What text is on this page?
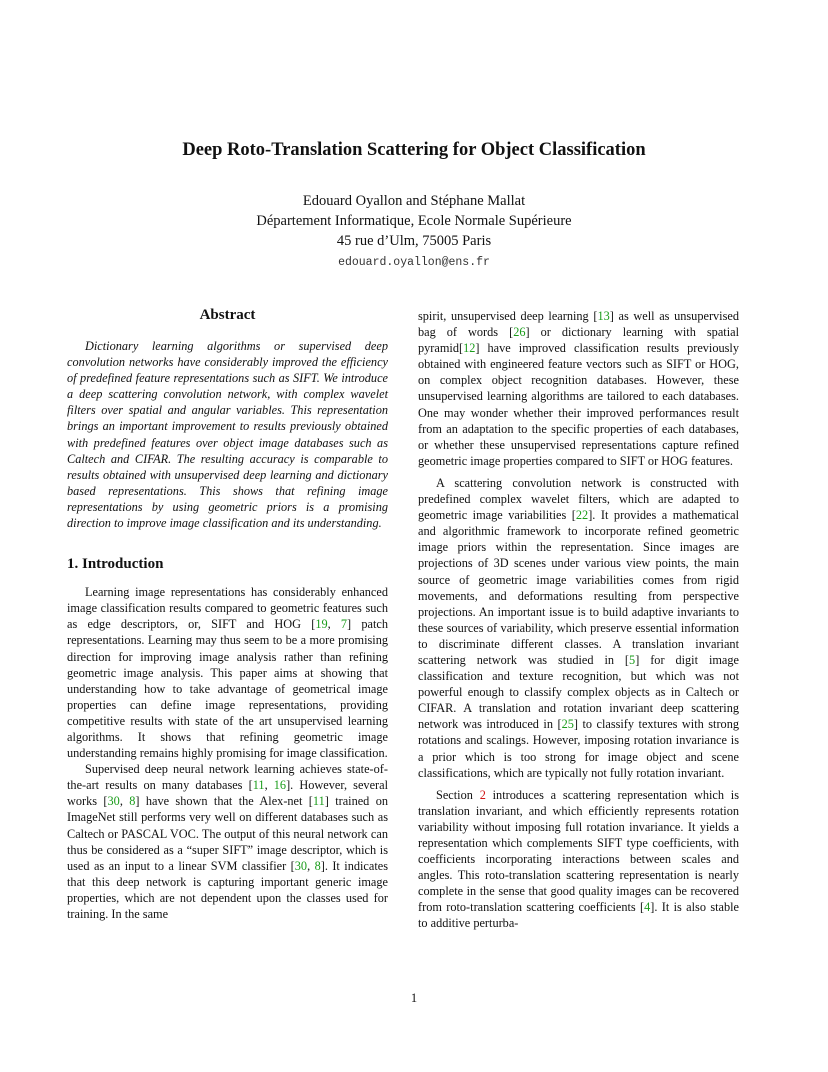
Deep Roto-Translation Scattering for Object Classification
Edouard Oyallon and Stéphane Mallat
Département Informatique, Ecole Normale Supérieure
45 rue d’Ulm, 75005 Paris
edouard.oyallon@ens.fr
Abstract

Dictionary learning algorithms or supervised deep convolution networks have considerably improved the efficiency of predefined feature representations such as SIFT. We introduce a deep scattering convolution network, with complex wavelet filters over spatial and angular variables. This representation brings an important improvement to results previously obtained with predefined features over object image databases such as Caltech and CIFAR. The resulting accuracy is comparable to results obtained with unsupervised deep learning and dictionary based representations. This shows that refining image representations by using geometric priors is a promising direction to improve image classification and its understanding.

1. Introduction

Learning image representations has considerably enhanced image classification results compared to geometric features such as edge descriptors, or, SIFT and HOG [19, 7] patch representations. Learning may thus seem to be a more promising direction for improving image analysis rather than refining geometric image analysis. This paper aims at showing that understanding how to take advantage of geometrical image properties can define image representations, providing competitive results with state of the art unsupervised learning algorithms. It shows that refining geometric image understanding remains highly promising for image classification.

Supervised deep neural network learning achieves state-of-the-art results on many databases [11, 16]. However, several works [30, 8] have shown that the Alex-net [11] trained on ImageNet still performs very well on different databases such as Caltech or PASCAL VOC. The output of this neural network can thus be considered as a “super SIFT” image descriptor, which is used as an input to a linear SVM classifier [30, 8]. It indicates that this deep network is capturing important generic image properties, which are not dependent upon the classes used for training. In the same

spirit, unsupervised deep learning [13] as well as unsupervised bag of words [26] or dictionary learning with spatial pyramid[12] have improved classification results previously obtained with engineered feature vectors such as SIFT or HOG, on complex object recognition databases. However, these unsupervised learning algorithms are tailored to each databases. One may wonder whether their improved performances result from an adaptation to the specific properties of each databases, or whether these unsupervised representations capture refined geometric image properties compared to SIFT or HOG features.

A scattering convolution network is constructed with predefined complex wavelet filters, which are adapted to geometric image variabilities [22]. It provides a mathematical and algorithmic framework to incorporate refined geometric image priors within the representation. Since images are projections of 3D scenes under various view points, the main source of geometric image variabilities comes from rigid movements, and deformations resulting from perspective projections. An important issue is to build adaptive invariants to these sources of variability, which preserve essential information to discriminate different classes. A translation invariant scattering network was studied in [5] for digit image classification and texture recognition, but which was not powerful enough to classify complex objects as in Caltech or CIFAR. A translation and rotation invariant deep scattering network was introduced in [25] to classify textures with strong rotations and scalings. However, imposing rotation invariance is a prior which is too strong for image object and scene classifications, which are typically not fully rotation invariant.

Section 2 introduces a scattering representation which is translation invariant, and which efficiently represents rotation variability without imposing full rotation invariance. It yields a representation which complements SIFT type coefficients, with coefficients incorporating interactions between scales and angles. This roto-translation scattering representation is nearly complete in the sense that good quality images can be recovered from roto-translation scattering coefficients [4]. It is also stable to additive perturba-

1
